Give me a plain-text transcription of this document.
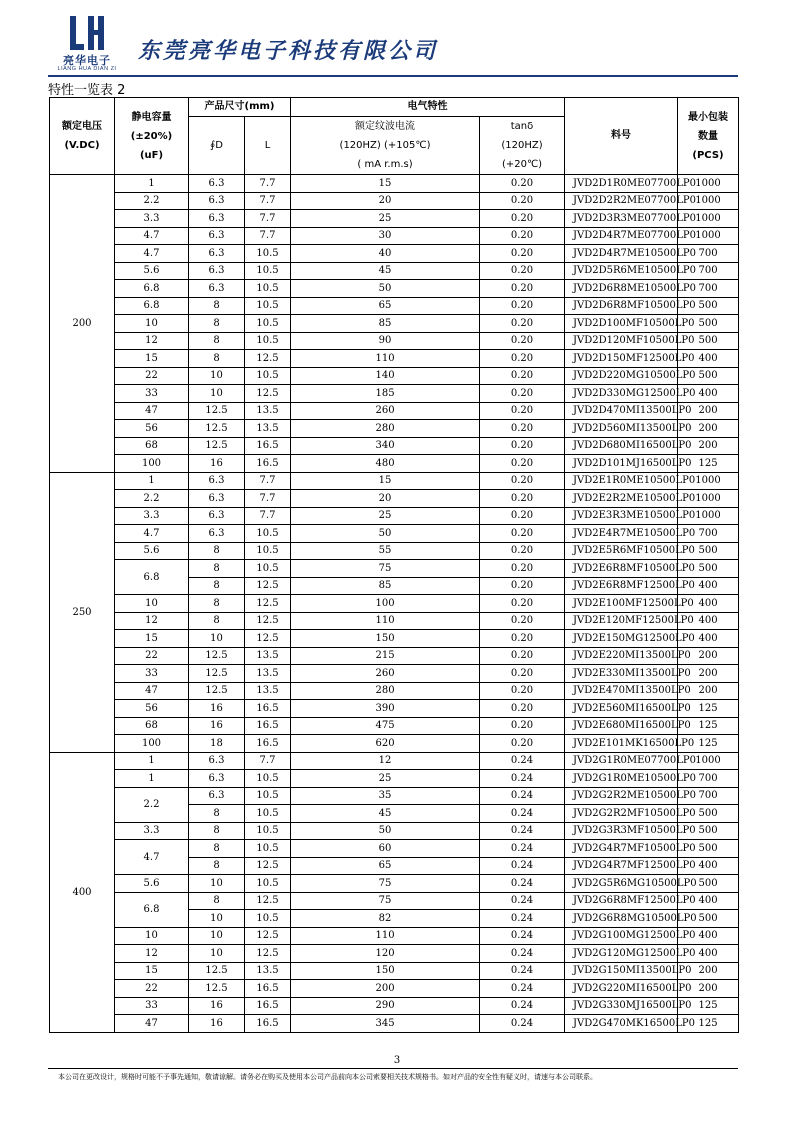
亮华电子
LIANG HUA DIAN ZI
东莞亮华电子科技有限公司
特性一览表 2
额定电压
(V.DC)	静电容量
(±20%)
(uF)	产品尺寸(mm)		电气特性		料号	最小包装
数量
(PCS)

		∮D	L	额定纹波电流
(120HZ) (+105℃)
( mA r.m.s)	tanδ
(120HZ)
(+20℃)		

200	1	6.3	7.7	15	0.20	JVD2D1R0ME07700LP0	1000
	2.2	6.3	7.7	20	0.20	JVD2D2R2ME07700LP0	1000
	3.3	6.3	7.7	25	0.20	JVD2D3R3ME07700LP0	1000
	4.7	6.3	7.7	30	0.20	JVD2D4R7ME07700LP0	1000
	4.7	6.3	10.5	40	0.20	JVD2D4R7ME10500LP0	700
	5.6	6.3	10.5	45	0.20	JVD2D5R6ME10500LP0	700
	6.8	6.3	10.5	50	0.20	JVD2D6R8ME10500LP0	700
	6.8	8	10.5	65	0.20	JVD2D6R8MF10500LP0	500
	10	8	10.5	85	0.20	JVD2D100MF10500LP0	500
	12	8	10.5	90	0.20	JVD2D120MF10500LP0	500
	15	8	12.5	110	0.20	JVD2D150MF12500LP0	400
	22	10	10.5	140	0.20	JVD2D220MG10500LP0	500
	33	10	12.5	185	0.20	JVD2D330MG12500LP0	400
	47	12.5	13.5	260	0.20	JVD2D470MI13500LP0	200
	56	12.5	13.5	280	0.20	JVD2D560MI13500LP0	200
	68	12.5	16.5	340	0.20	JVD2D680MI16500LP0	200
	100	16	16.5	480	0.20	JVD2D101MJ16500LP0	125
250	1	6.3	7.7	15	0.20	JVD2E1R0ME10500LP0	1000
	2.2	6.3	7.7	20	0.20	JVD2E2R2ME10500LP0	1000
	3.3	6.3	7.7	25	0.20	JVD2E3R3ME10500LP0	1000
	4.7	6.3	10.5	50	0.20	JVD2E4R7ME10500LP0	700
	5.6	8	10.5	55	0.20	JVD2E5R6MF10500LP0	500
	6.8	8	10.5	75	0.20	JVD2E6R8MF10500LP0	500
		8	12.5	85	0.20	JVD2E6R8MF12500LP0	400
	10	8	12.5	100	0.20	JVD2E100MF12500LP0	400
	12	8	12.5	110	0.20	JVD2E120MF12500LP0	400
	15	10	12.5	150	0.20	JVD2E150MG12500LP0	400
	22	12.5	13.5	215	0.20	JVD2E220MI13500LP0	200
	33	12.5	13.5	260	0.20	JVD2E330MI13500LP0	200
	47	12.5	13.5	280	0.20	JVD2E470MI13500LP0	200
	56	16	16.5	390	0.20	JVD2E560MI16500LP0	125
	68	16	16.5	475	0.20	JVD2E680MI16500LP0	125
	100	18	16.5	620	0.20	JVD2E101MK16500LP0	125
400	1	6.3	7.7	12	0.24	JVD2G1R0ME07700LP0	1000
	1	6.3	10.5	25	0.24	JVD2G1R0ME10500LP0	700
	2.2	6.3	10.5	35	0.24	JVD2G2R2ME10500LP0	700
		8	10.5	45	0.24	JVD2G2R2MF10500LP0	500
	3.3	8	10.5	50	0.24	JVD2G3R3MF10500LP0	500
	4.7	8	10.5	60	0.24	JVD2G4R7MF10500LP0	500
		8	12.5	65	0.24	JVD2G4R7MF12500LP0	400
	5.6	10	10.5	75	0.24	JVD2G5R6MG10500LP0	500
	6.8	8	12.5	75	0.24	JVD2G6R8MF12500LP0	400
		10	10.5	82	0.24	JVD2G6R8MG10500LP0	500
	10	10	12.5	110	0.24	JVD2G100MG12500LP0	400
	12	10	12.5	120	0.24	JVD2G120MG12500LP0	400
	15	12.5	13.5	150	0.24	JVD2G150MI13500LP0	200
	22	12.5	16.5	200	0.24	JVD2G220MI16500LP0	200
	33	16	16.5	290	0.24	JVD2G330MJ16500LP0	125
	47	16	16.5	345	0.24	JVD2G470MK16500LP0	125
3
本公司在更改设计，规格时可能不予事先通知，敬请谅解。请务必在购买及使用本公司产品前向本公司索要相关技术规格书。如对产品的安全性有疑义时，请速与本公司联系。
